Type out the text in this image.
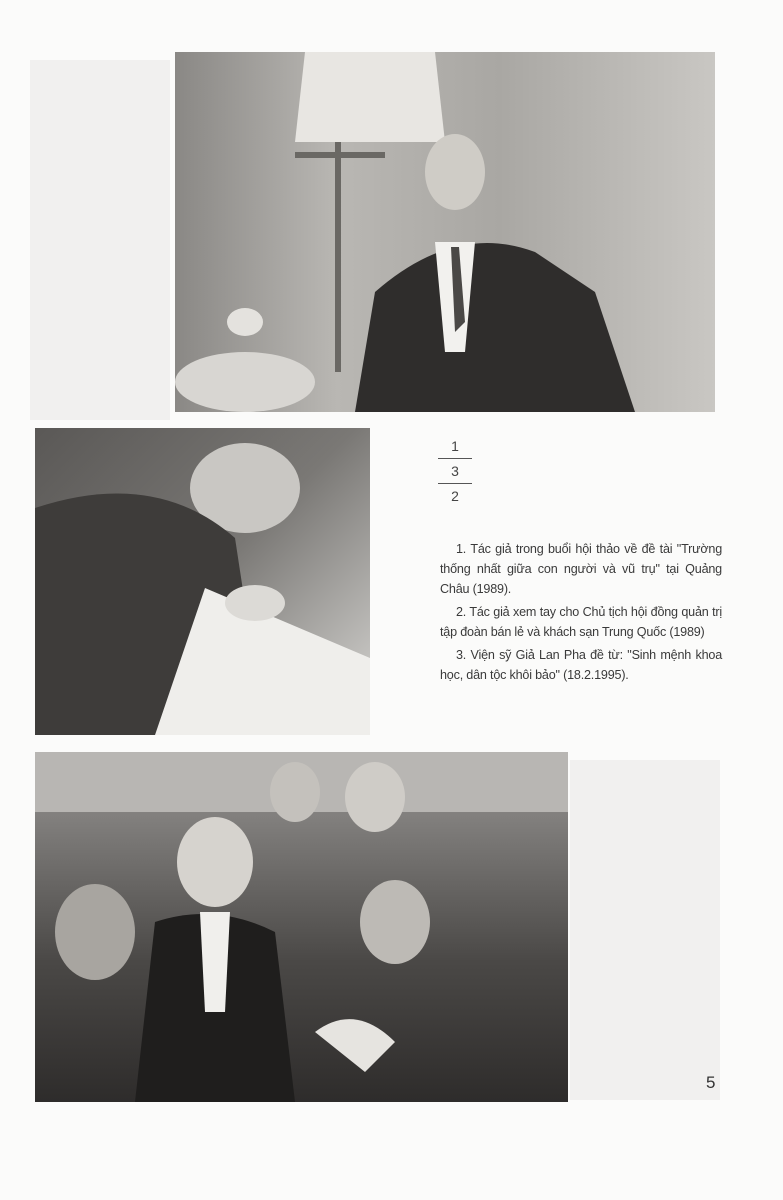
1
3
2

1. Tác giả trong buổi hội thảo về đề tài "Trường thống nhất giữa con người và vũ trụ" tại Quảng Châu (1989).

2. Tác giả xem tay cho Chủ tịch hội đồng quản trị tập đoàn bán lẻ và khách sạn Trung Quốc (1989)

3. Viện sỹ Giả Lan Pha đề từ: "Sinh mệnh khoa học, dân tộc khôi bảo" (18.2.1995).

5
